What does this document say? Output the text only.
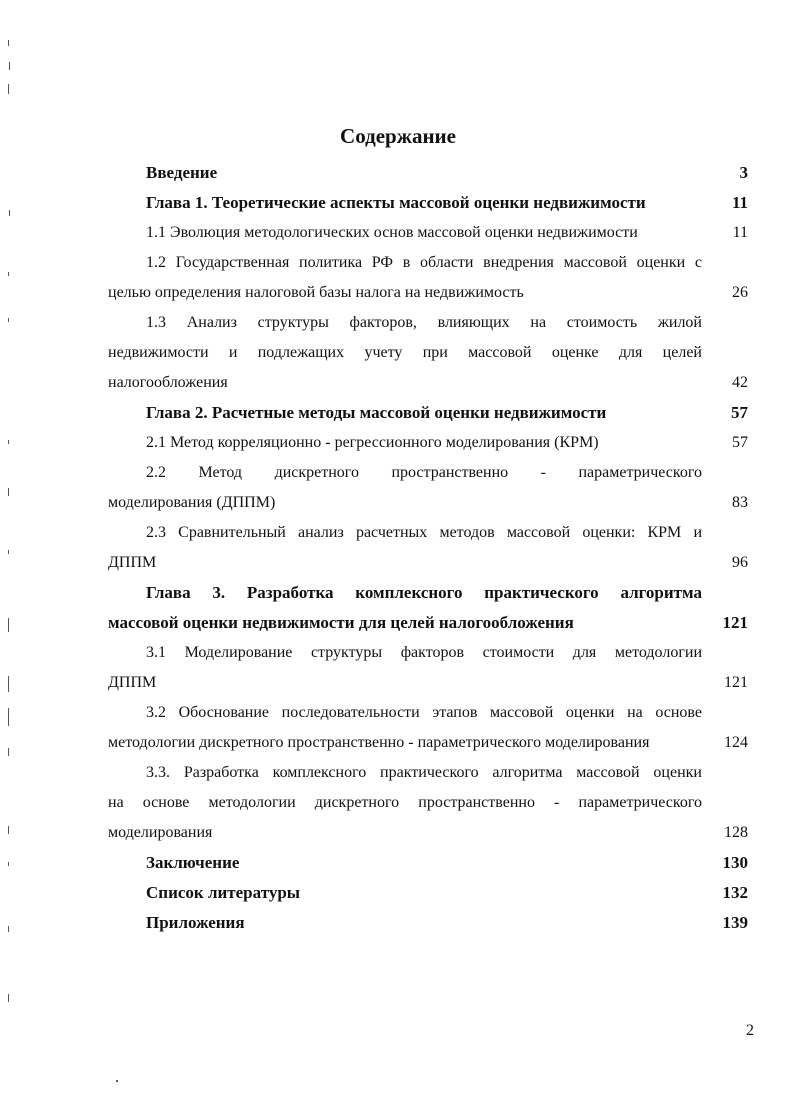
Содержание
Введение	3
Глава 1. Теоретические аспекты массовой оценки недвижимости	11
1.1 Эволюция методологических основ массовой оценки недвижимости	11
1.2 Государственная политика РФ в области внедрения массовой оценки с
целью определения налоговой базы налога на недвижимость	26
1.3 Анализ структуры факторов, влияющих на стоимость жилой
недвижимости и подлежащих учету при массовой оценке для целей
налогообложения	42
Глава 2. Расчетные методы массовой оценки недвижимости	57
2.1 Метод корреляционно - регрессионного моделирования (КРМ)	57
2.2 Метод дискретного пространственно - параметрического
моделирования (ДППМ)	83
2.3 Сравнительный анализ расчетных методов массовой оценки: КРМ и
ДППМ	96
Глава 3. Разработка комплексного практического алгоритма
массовой оценки недвижимости для целей налогообложения	121
3.1 Моделирование структуры факторов стоимости для методологии
ДППМ	121
3.2 Обоснование последовательности этапов массовой оценки на основе
методологии дискретного пространственно - параметрического моделирования	124
3.3. Разработка комплексного практического алгоритма массовой оценки
на основе методологии дискретного пространственно - параметрического
моделирования	128
Заключение	130
Список литературы	132
Приложения	139
2
